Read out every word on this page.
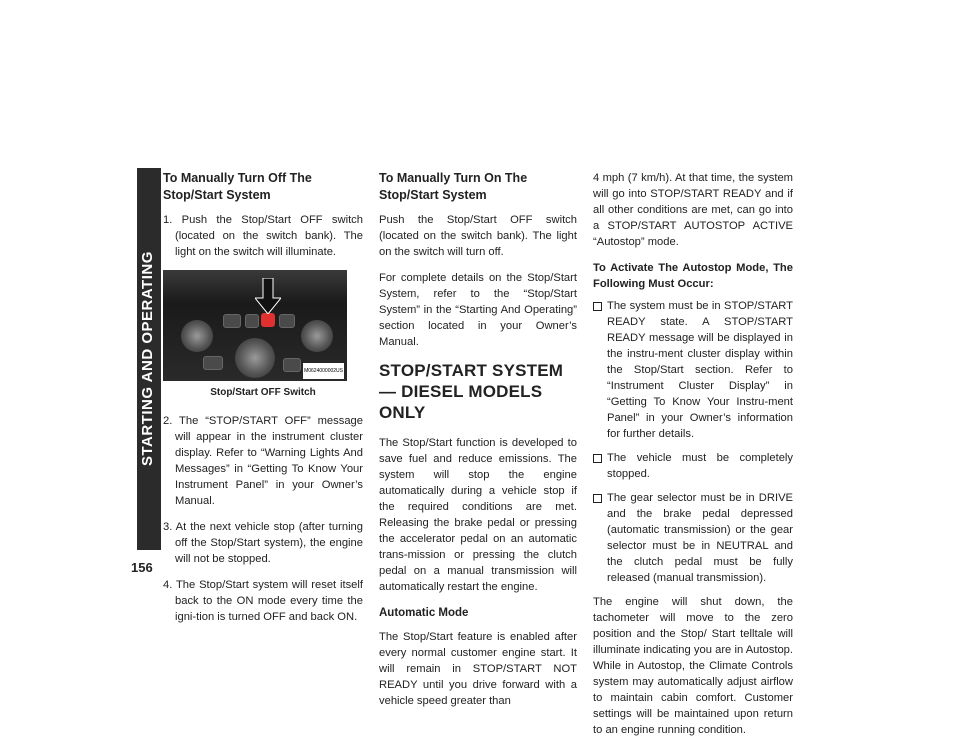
STARTING AND OPERATING
156
To Manually Turn Off The Stop/Start System
1. Push the Stop/Start OFF switch (located on the switch bank). The light on the switch will illuminate.
M0624000002US
Stop/Start OFF Switch
2. The “STOP/START OFF” message will appear in the instrument cluster display. Refer to “Warning Lights And Messages” in “Getting To Know Your Instrument Panel” in your Owner’s Manual.
3. At the next vehicle stop (after turning off the Stop/Start system), the engine will not be stopped.
4. The Stop/Start system will reset itself back to the ON mode every time the igni-tion is turned OFF and back ON.
To Manually Turn On The Stop/Start System

Push the Stop/Start OFF switch (located on the switch bank). The light on the switch will turn off.

For complete details on the Stop/Start System, refer to the “Stop/Start System” in the “Starting And Operating” section located in your Owner’s Manual.

STOP/START SYSTEM — DIESEL MODELS ONLY

The Stop/Start function is developed to save fuel and reduce emissions. The system will stop the engine automatically during a vehicle stop if the required conditions are met. Releasing the brake pedal or pressing the accelerator pedal on an automatic trans-mission or pressing the clutch pedal on a manual transmission will automatically restart the engine.

Automatic Mode

The Stop/Start feature is enabled after every normal customer engine start. It will remain in STOP/START NOT READY until you drive forward with a vehicle speed greater than

4 mph (7 km/h). At that time, the system will go into STOP/START READY and if all other conditions are met, can go into a STOP/START AUTOSTOP ACTIVE “Autostop” mode.

To Activate The Autostop Mode, The Following Must Occur:

The system must be in STOP/START READY state. A STOP/START READY message will be displayed in the instru-ment cluster display within the Stop/Start section. Refer to “Instrument Cluster Display” in “Getting To Know Your Instru-ment Panel” in your Owner’s information for further details.
The vehicle must be completely stopped.
The gear selector must be in DRIVE and the brake pedal depressed (automatic transmission) or the gear selector must be in NEUTRAL and the clutch pedal must be fully released (manual transmission).

The engine will shut down, the tachometer will move to the zero position and the Stop/ Start telltale will illuminate indicating you are in Autostop. While in Autostop, the Climate Controls system may automatically adjust airflow to maintain cabin comfort. Customer settings will be maintained upon return to an engine running condition.
